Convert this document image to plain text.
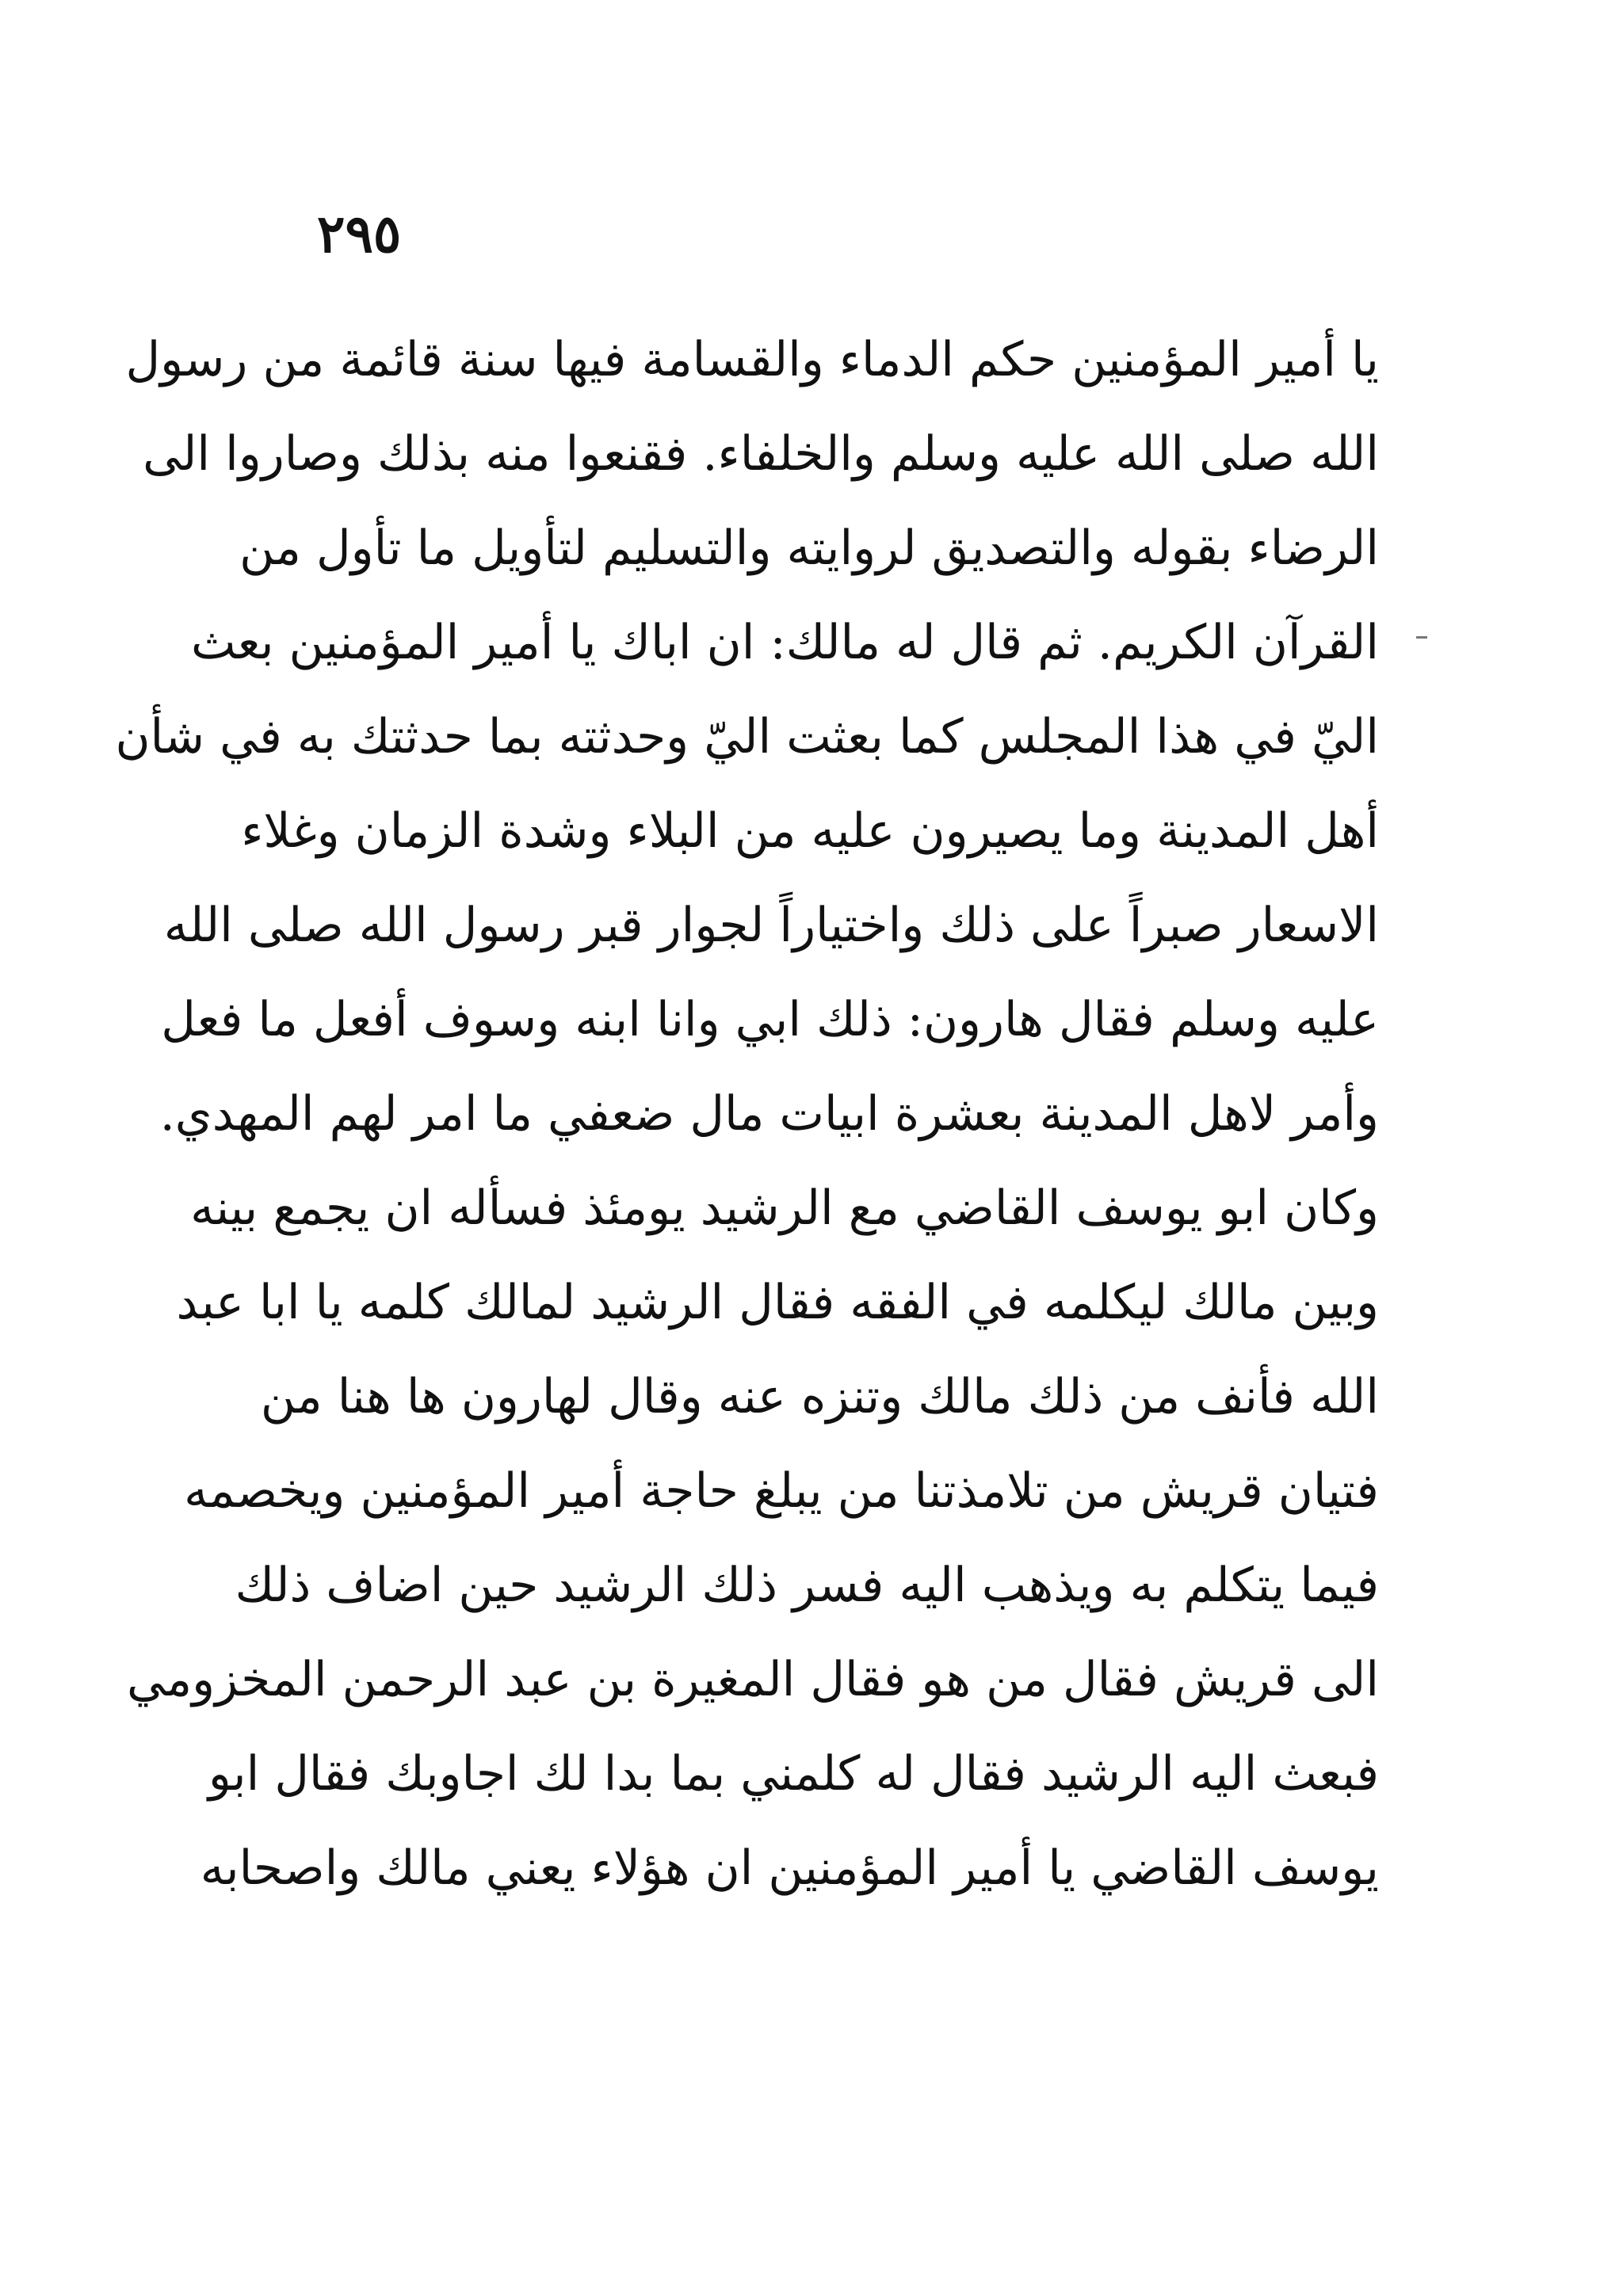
٢٩٥
يا أمير المؤمنين حكم الدماء والقسامة فيها سنة قائمة من رسول
الله صلى الله عليه وسلم والخلفاء. فقنعوا منه بذلك وصاروا الى
الرضاء بقوله والتصديق لروايته والتسليم لتأويل ما تأول من
القرآن الكريم. ثم قال له مالك: ان اباك يا أمير المؤمنين بعث
اليّ في هذا المجلس كما بعثت اليّ وحدثته بما حدثتك به في شأن
أهل المدينة وما يصيرون عليه من البلاء وشدة الزمان وغلاء
الاسعار صبراً على ذلك واختياراً لجوار قبر رسول الله صلى الله
عليه وسلم فقال هارون: ذلك ابي وانا ابنه وسوف أفعل ما فعل
وأمر لاهل المدينة بعشرة ابيات مال ضعفي ما امر لهم المهدي.
وكان ابو يوسف القاضي مع الرشيد يومئذ فسأله ان يجمع بينه
وبين مالك ليكلمه في الفقه فقال الرشيد لمالك كلمه يا ابا عبد
الله فأنف من ذلك مالك وتنزه عنه وقال لهارون ها هنا من
فتيان قريش من تلامذتنا من يبلغ حاجة أمير المؤمنين ويخصمه
فيما يتكلم به ويذهب اليه فسر ذلك الرشيد حين اضاف ذلك
الى قريش فقال من هو فقال المغيرة بن عبد الرحمن المخزومي
فبعث اليه الرشيد فقال له كلمني بما بدا لك اجاوبك فقال ابو
يوسف القاضي يا أمير المؤمنين ان هؤلاء يعني مالك واصحابه
